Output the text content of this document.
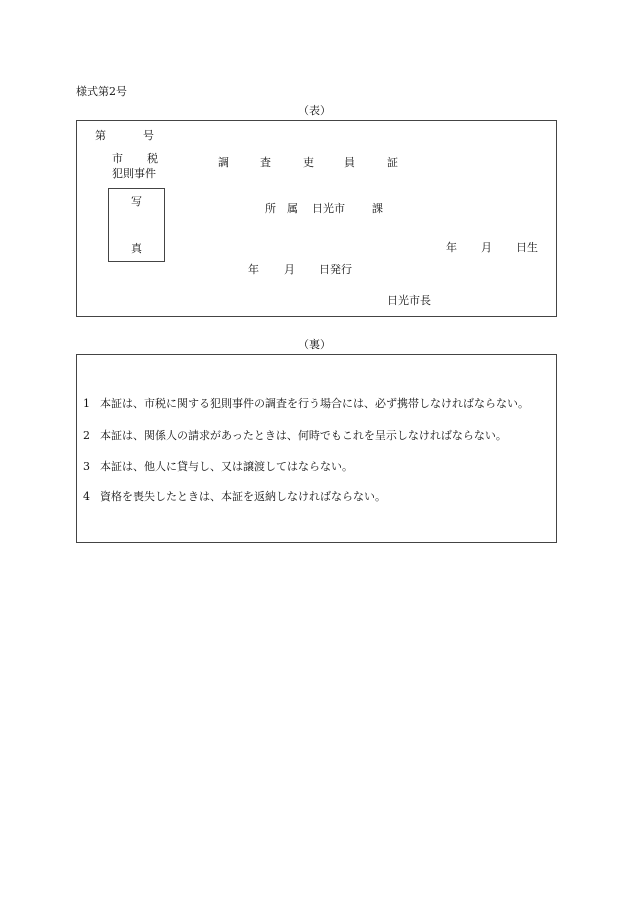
様式第2号
（表）
第	号
市 税
犯則事件
調	査	吏	員	証
写
真
所　属 日光市 課
年 月 日生
年 月 日発行
日光市長
（裏）
1 本証は、市税に関する犯則事件の調査を行う場合には、必ず携帯しなければならない。
2 本証は、関係人の請求があったときは、何時でもこれを呈示しなければならない。
3 本証は、他人に貸与し、又は譲渡してはならない。
4 資格を喪失したときは、本証を返納しなければならない。
